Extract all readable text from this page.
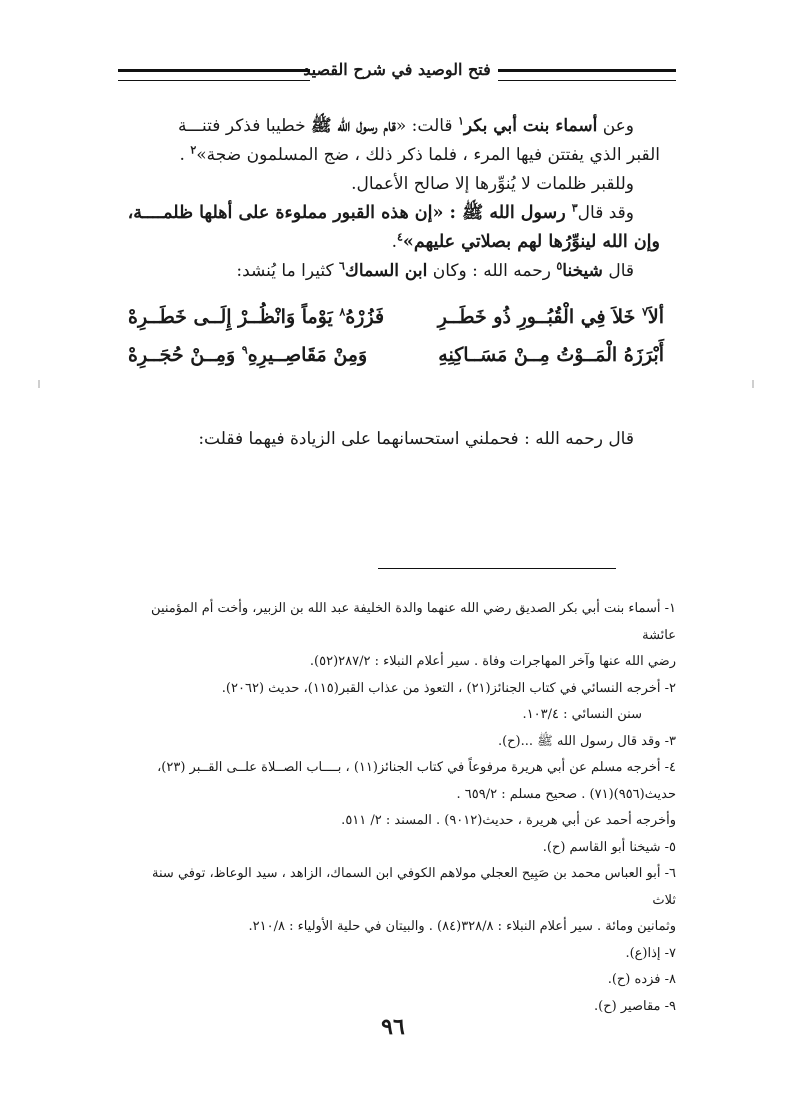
فتح الوصيد في شرح القصيد

وعن أسماء بنت أبي بكر$^١$ قالت: «قام رسول الله ﷺ خطيبا فذكر فتنـــة

القبر الذي يفتتن فيها المرء ، فلما ذكر ذلك ، ضج المسلمون ضجة»$^٢$ .

وللقبر ظلمات لا يُنوِّرها إلا صالح الأعمال.

وقد قال$^٣$ رسول الله ﷺ : «إن هذه القبور مملوءة على أهلها ظلمــــة،

وإن الله لينوِّرُها لهم بصلاتي عليهم»$^٤$.

قال شيخنا$^٥$ رحمه الله : وكان ابن السماك$^٦$ كثيرا ما يُنشد:

ألاَ$^٧$ خَلاَ فِي الْقُبُــورِ ذُو خَطَــرِ
فَزُرْهُ$^٨$ يَوْماً وَانْظُــرْ إِلَــى خَطَــرِهْ
أَبْرَزَهُ الْمَــوْتُ مِــنْ مَسَــاكِنِهِ
وَمِنْ مَقَاصِــيرِهِ$^٩$ وَمِــنْ حُجَــرِهْ

قال رحمه الله : فحملني استحسانهما على الزيادة فيهما فقلت:

١- أسماء بنت أبي بكر الصديق رضي الله عنهما والدة الخليفة عبد الله بن الزبير، وأخت أم المؤمنين عائشة

رضي الله عنها وآخر المهاجرات وفاة . سير أعلام النبلاء : ٢٨٧/٢(٥٢).

٢- أخرجه النسائي في كتاب الجنائز(٢١) ، التعوذ من عذاب القبر(١١٥)، حديث (٢٠٦٢).

سنن النسائي : ١٠٣/٤.

٣- وقد قال رسول الله ﷺ ...(ح).

٤- أخرجه مسلم عن أبي هريرة مرفوعاً في كتاب الجنائز(١١) ، بــــاب الصــلاة علــى القــبر (٢٣)،

حديث(٩٥٦)(٧١) . صحيح مسلم : ٦٥٩/٢ .

وأخرجه أحمد عن أبي هريرة ، حديث(٩٠١٢) . المسند : ٢/ ٥١١.

٥- شيخنا أبو القاسم (ح).

٦- أبو العباس محمد بن صَبِيح العجلي مولاهم الكوفي ابن السماك، الزاهد ، سيد الوعاظ، توفي سنة ثلاث

وثمانين ومائة . سير أعلام النبلاء : ٣٢٨/٨(٨٤) . والبيتان في حلية الأولياء : ٢١٠/٨.

٧- إذا(ع).

٨- فزده (ح).

٩- مقاصير (ح).

٩٦
